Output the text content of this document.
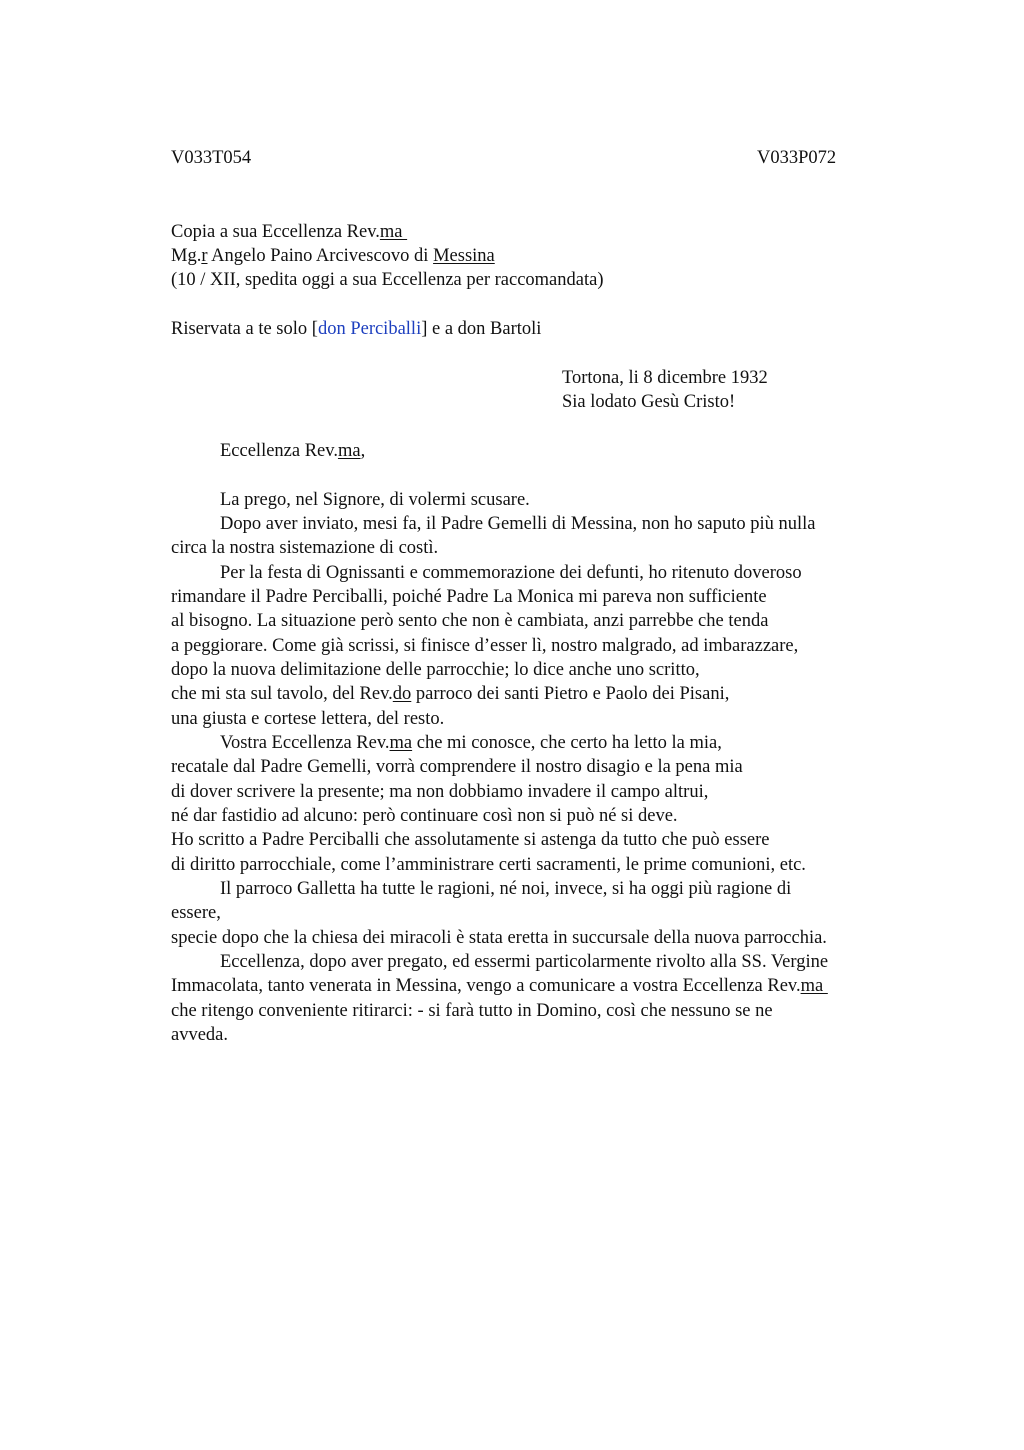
V033T054	V033P072
Copia a sua Eccellenza Rev.ma
Mg.r Angelo Paino Arcivescovo di Messina
(10 / XII, spedita oggi a sua Eccellenza per raccomandata)
Riservata a te solo [don Perciballi] e a don Bartoli
Tortona, li 8 dicembre 1932
Sia lodato Gesù Cristo!
Eccellenza Rev.ma,
La prego, nel Signore, di volermi scusare.
Dopo aver inviato, mesi fa, il Padre Gemelli di Messina, non ho saputo più nulla
circa la nostra sistemazione di costì.
Per la festa di Ognissanti e commemorazione dei defunti, ho ritenuto doveroso
rimandare il Padre Perciballi, poiché Padre La Monica mi pareva non sufficiente
al bisogno. La situazione però sento che non è cambiata, anzi parrebbe che tenda
a peggiorare. Come già scrissi, si finisce d’esser lì, nostro malgrado, ad imbarazzare,
dopo la nuova delimitazione delle parrocchie; lo dice anche uno scritto,
che mi sta sul tavolo, del Rev.do parroco dei santi Pietro e Paolo dei Pisani,
una giusta e cortese lettera, del resto.
Vostra Eccellenza Rev.ma che mi conosce, che certo ha letto la mia,
recatale dal Padre Gemelli, vorrà comprendere il nostro disagio e la pena mia
di dover scrivere la presente; ma non dobbiamo invadere il campo altrui,
né dar fastidio ad alcuno: però continuare così non si può né si deve.
Ho scritto a Padre Perciballi che assolutamente si astenga da tutto che può essere
di diritto parrocchiale, come l’amministrare certi sacramenti, le prime comunioni, etc.
Il parroco Galletta ha tutte le ragioni, né noi, invece, si ha oggi più ragione di
essere,
specie dopo che la chiesa dei miracoli è stata eretta in succursale della nuova parrocchia.
Eccellenza, dopo aver pregato, ed essermi particolarmente rivolto alla SS. Vergine
Immacolata, tanto venerata in Messina, vengo a comunicare a vostra Eccellenza Rev.ma
che ritengo conveniente ritirarci: - si farà tutto in Domino, così che nessuno se ne
avveda.
